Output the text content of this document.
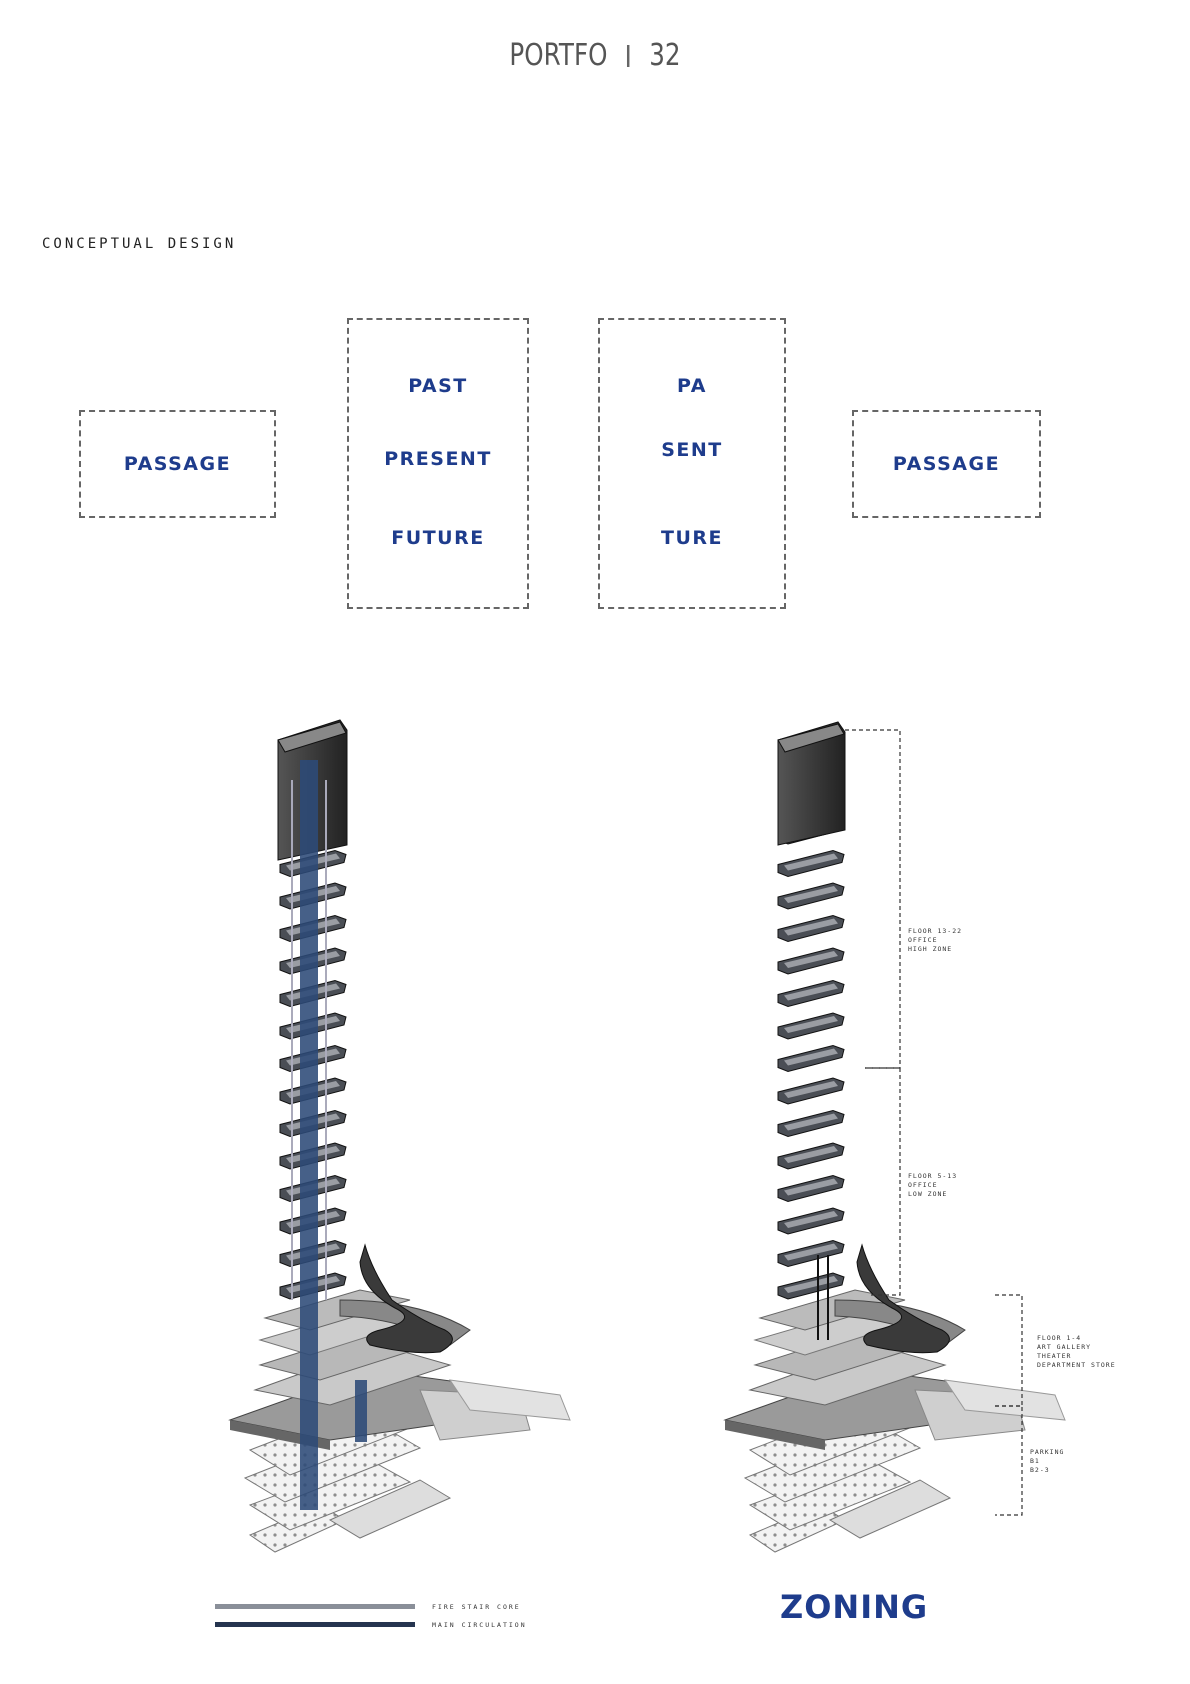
PORTFO 32
CONCEPTUAL DESIGN
PASSAGE
PAST
PRESENT
FUTURE
PA
SENT
TURE
PASSAGE
FIRE STAIR CORE
MAIN CIRCULATION
FLOOR 13-22
OFFICE
HIGH ZONE
FLOOR 5-13
OFFICE
LOW ZONE
FLOOR 1-4
ART GALLERY
THEATER
DEPARTMENT STORE
PARKING
B1
B2-3
ZONING
